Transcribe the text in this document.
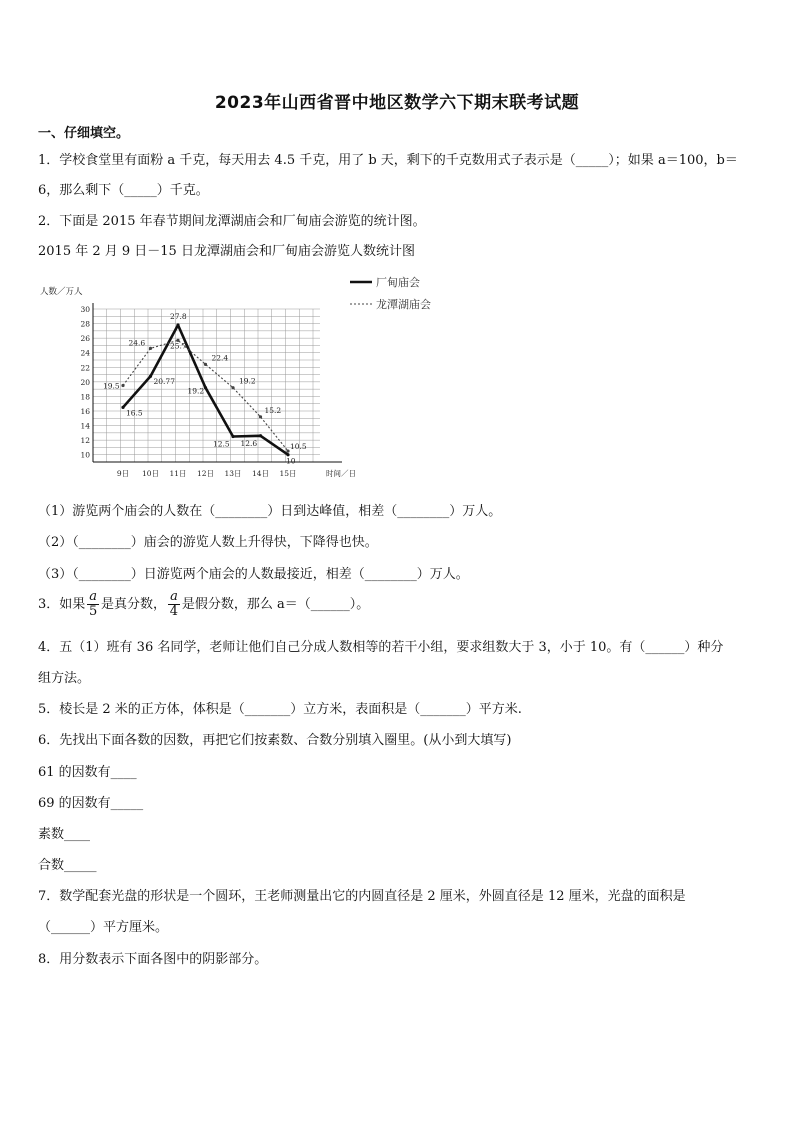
2023年山西省晋中地区数学六下期末联考试题
一、仔细填空。
1．学校食堂里有面粉 a 千克，每天用去 4.5 千克，用了 b 天，剩下的千克数用式子表示是（_____）；如果 a＝100，b＝
6，那么剩下（_____）千克。
2．下面是 2015 年春节期间龙潭湖庙会和厂甸庙会游览的统计图。
2015 年 2 月 9 日－15 日龙潭湖庙会和厂甸庙会游览人数统计图
10
12
14
16
18
20
22
24
26
28
30
9日 10日 11日 12日 13日 14日 15日
人数／万人
时间／日
16.5
20.77
27.8
19.2
12.5 12.6
10
19.5
24.6	25.7
22.4
19.2
15.2
10.5
厂甸庙会
龙潭湖庙会
（1）游览两个庙会的人数在（________）日到达峰值，相差（________）万人。
（2）（________）庙会的游览人数上升得快，下降得也快。
（3）（________）日游览两个庙会的人数最接近，相差（________）万人。
3．如果 $\frac{a}{5}$ 是真分数， $\frac{a}{4}$ 是假分数，那么 a＝（______）。
4．五（1）班有 36 名同学，老师让他们自己分成人数相等的若干小组，要求组数大于 3，小于 10。有（______）种分
组方法。
5．棱长是 2 米的正方体，体积是（_______）立方米，表面积是（_______）平方米.
6．先找出下面各数的因数，再把它们按素数、合数分别填入圈里。(从小到大填写)
61 的因数有____
69 的因数有_____
素数____
合数_____
7．数学配套光盘的形状是一个圆环，王老师测量出它的内圆直径是 2 厘米，外圆直径是 12 厘米，光盘的面积是
（______）平方厘米。
8．用分数表示下面各图中的阴影部分。
